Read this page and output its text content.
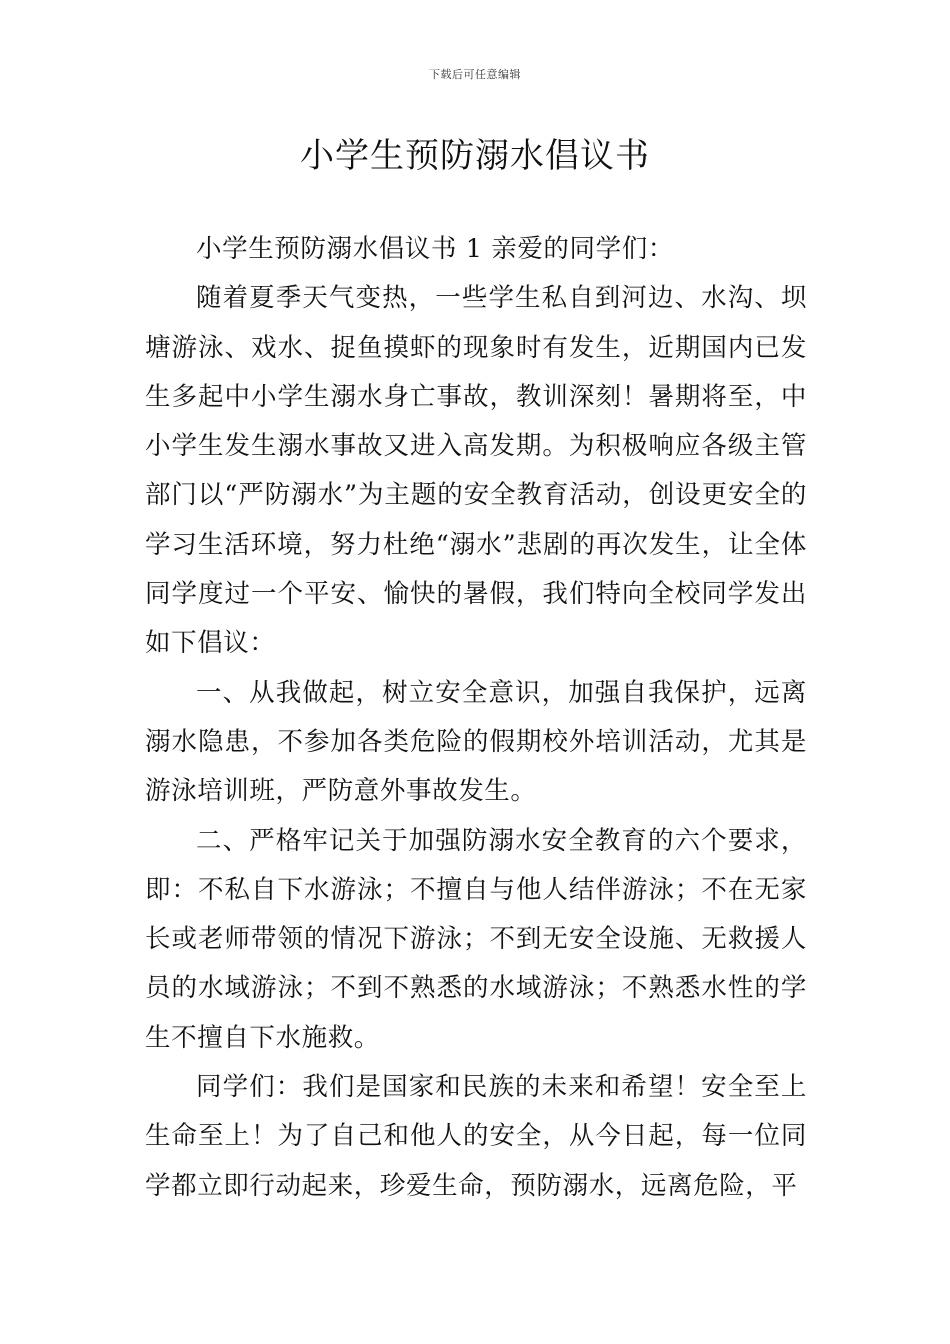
下载后可任意编辑
小学生预防溺水倡议书

小学生预防溺水倡议书 1 亲爱的同学们：

随着夏季天气变热，一些学生私自到河边、水沟、坝塘游泳、戏水、捉鱼摸虾的现象时有发生，近期国内已发生多起中小学生溺水身亡事故，教训深刻！暑期将至，中小学生发生溺水事故又进入高发期。为积极响应各级主管部门以“严防溺水”为主题的安全教育活动，创设更安全的学习生活环境，努力杜绝“溺水”悲剧的再次发生，让全体同学度过一个平安、愉快的暑假，我们特向全校同学发出如下倡议：

一、从我做起，树立安全意识，加强自我保护，远离溺水隐患，不参加各类危险的假期校外培训活动，尤其是游泳培训班，严防意外事故发生。

二、严格牢记关于加强防溺水安全教育的六个要求，即：不私自下水游泳；不擅自与他人结伴游泳；不在无家长或老师带领的情况下游泳；不到无安全设施、无救援人员的水域游泳；不到不熟悉的水域游泳；不熟悉水性的学生不擅自下水施救。

同学们：我们是国家和民族的未来和希望！安全至上生命至上！为了自己和他人的安全，从今日起，每一位同学都立即行动起来，珍爱生命，预防溺水，远离危险，平
